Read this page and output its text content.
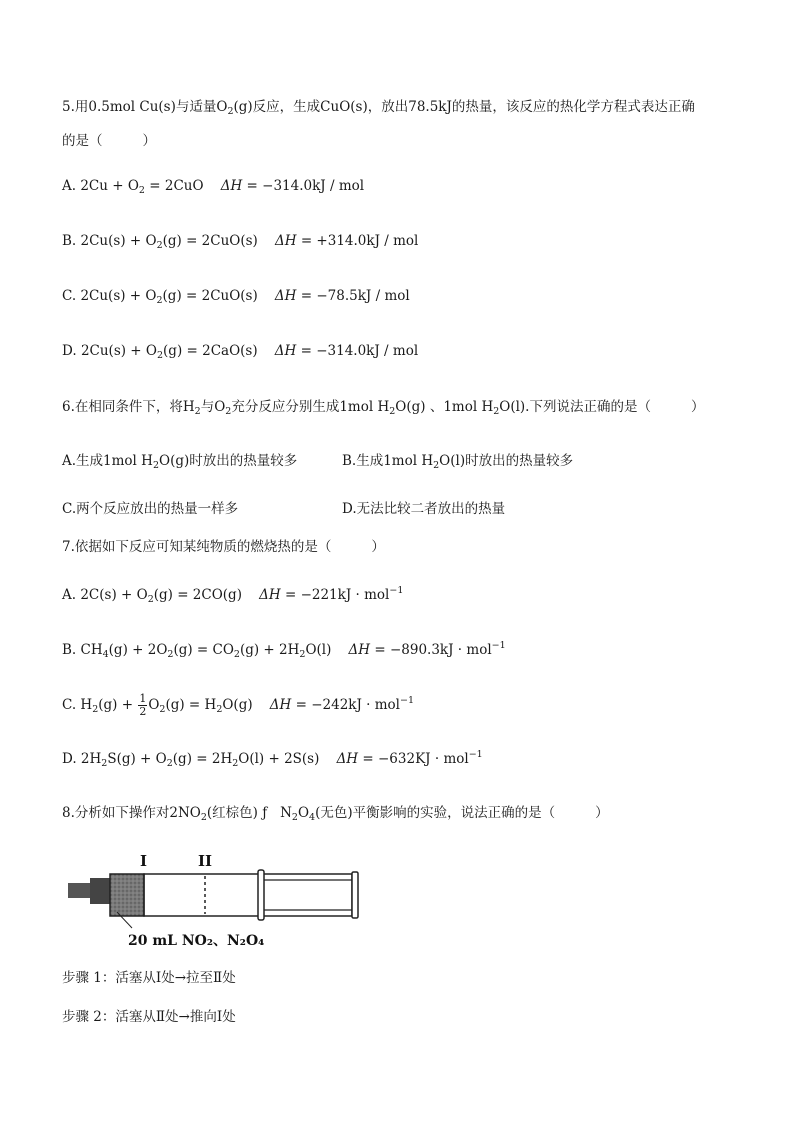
5.用0.5mol Cu(s)与适量$O_2(g)$反应，生成CuO(s)，放出78.5kJ的热量，该反应的热化学方程式表达正确
的是（	）
A. $2Cu + O_2 = 2CuO$ ΔH = −314.0kJ / mol
B. $2Cu(s) + O_2(g) = 2CuO(s) \Delta H = +314.0kJ$ / mol
C. $2Cu(s) + O_2(g) = 2CuO(s) \Delta H = -78.5kJ$ / mol
D. $2Cu(s) + O_2(g) = 2CaO(s) \Delta H = -314.0kJ$ / mol
6.在相同条件下，将$H_2$与$O_2$充分反应分别生成1mol $H_2O(g)$ 、1mol $H_2O(l)$.下列说法正确的是（	）
A.生成1mol $H_2O(g)$时放出的热量较多	B.生成1mol $H_2O(l)$时放出的热量较多
C.两个反应放出的热量一样多	D.无法比较二者放出的热量
7.依据如下反应可知某纯物质的燃烧热的是（	）
A. $2C(s) + O_2(g) = 2CO(g) \Delta H = -221kJ \cdot mol^{-1}$
B. $CH_4(g) + 2O_2(g) = CO_2(g) + 2H_2O(l) \Delta H = -890.3kJ \cdot mol^{-1}$
C. $H_2(g) + \frac{1}{2} O_2(g) = H_2O(g) \Delta H = -242kJ \cdot mol^{-1}$
D. $2H_2S(g) + O_2(g) = 2H_2O(l) + 2S(s) \Delta H = -632KJ \cdot mol^{-1}$
8.分析如下操作对$2NO_2$(红棕色) ƒ $N_2O_4$(无色)平衡影响的实验，说法正确的是（	）
I	II
20 mL NO₂、N₂O₄
步骤 1：活塞从Ⅰ处→拉至Ⅱ处
步骤 2：活塞从Ⅱ处→推向Ⅰ处
